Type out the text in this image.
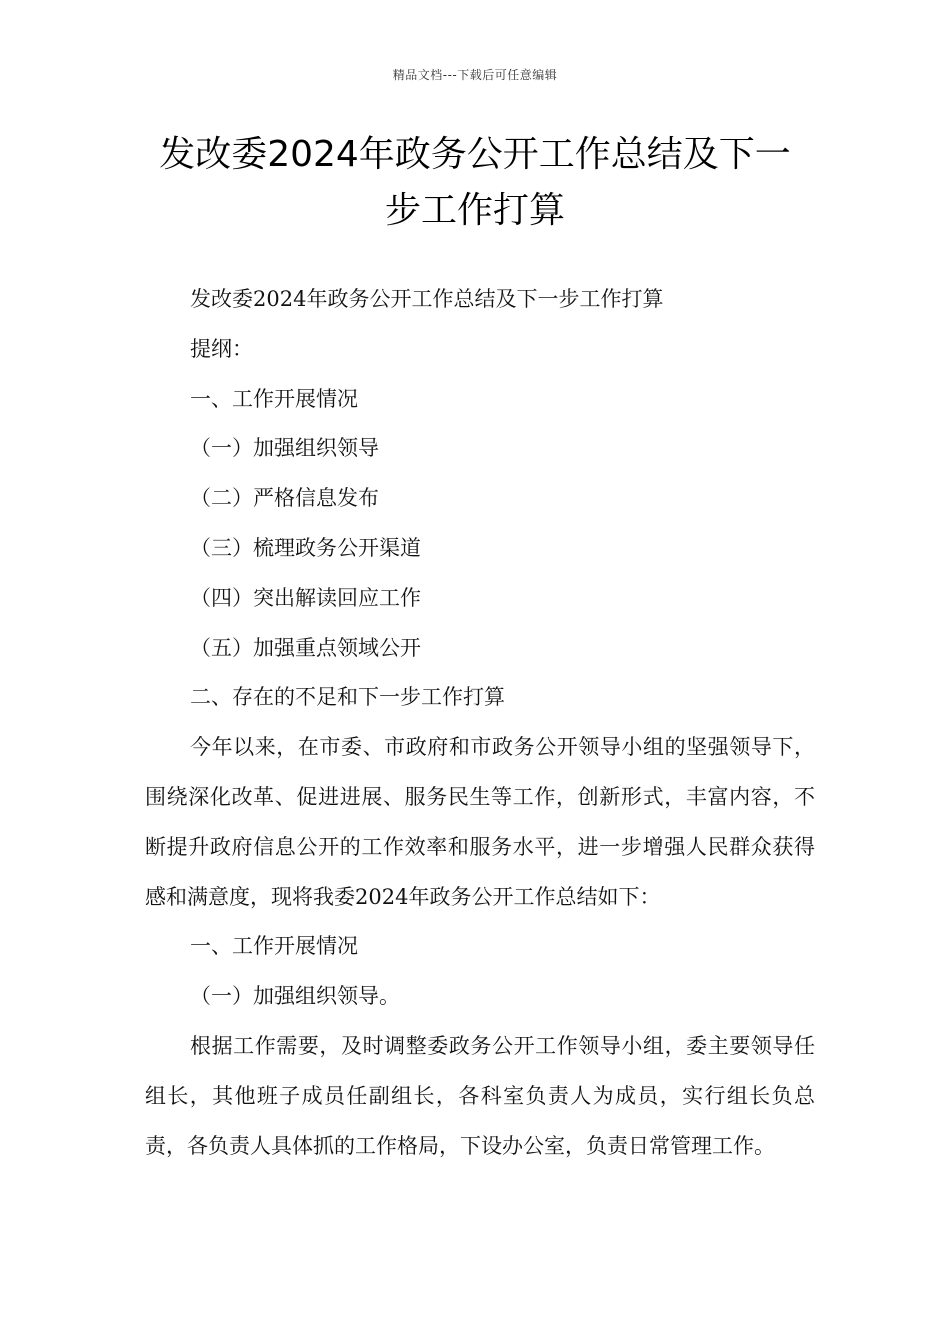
精品文档---下载后可任意编辑
发改委2024年政务公开工作总结及下一步工作打算

发改委2024年政务公开工作总结及下一步工作打算

提纲：

一、工作开展情况

（一）加强组织领导

（二）严格信息发布

（三）梳理政务公开渠道

（四）突出解读回应工作

（五）加强重点领域公开

二、存在的不足和下一步工作打算

今年以来，在市委、市政府和市政务公开领导小组的坚强领导下，围绕深化改革、促进进展、服务民生等工作，创新形式，丰富内容，不断提升政府信息公开的工作效率和服务水平，进一步增强人民群众获得感和满意度，现将我委2024年政务公开工作总结如下：

一、工作开展情况

（一）加强组织领导。

根据工作需要，及时调整委政务公开工作领导小组，委主要领导任组长，其他班子成员任副组长，各科室负责人为成员，实行组长负总责，各负责人具体抓的工作格局，下设办公室，负责日常管理工作。
